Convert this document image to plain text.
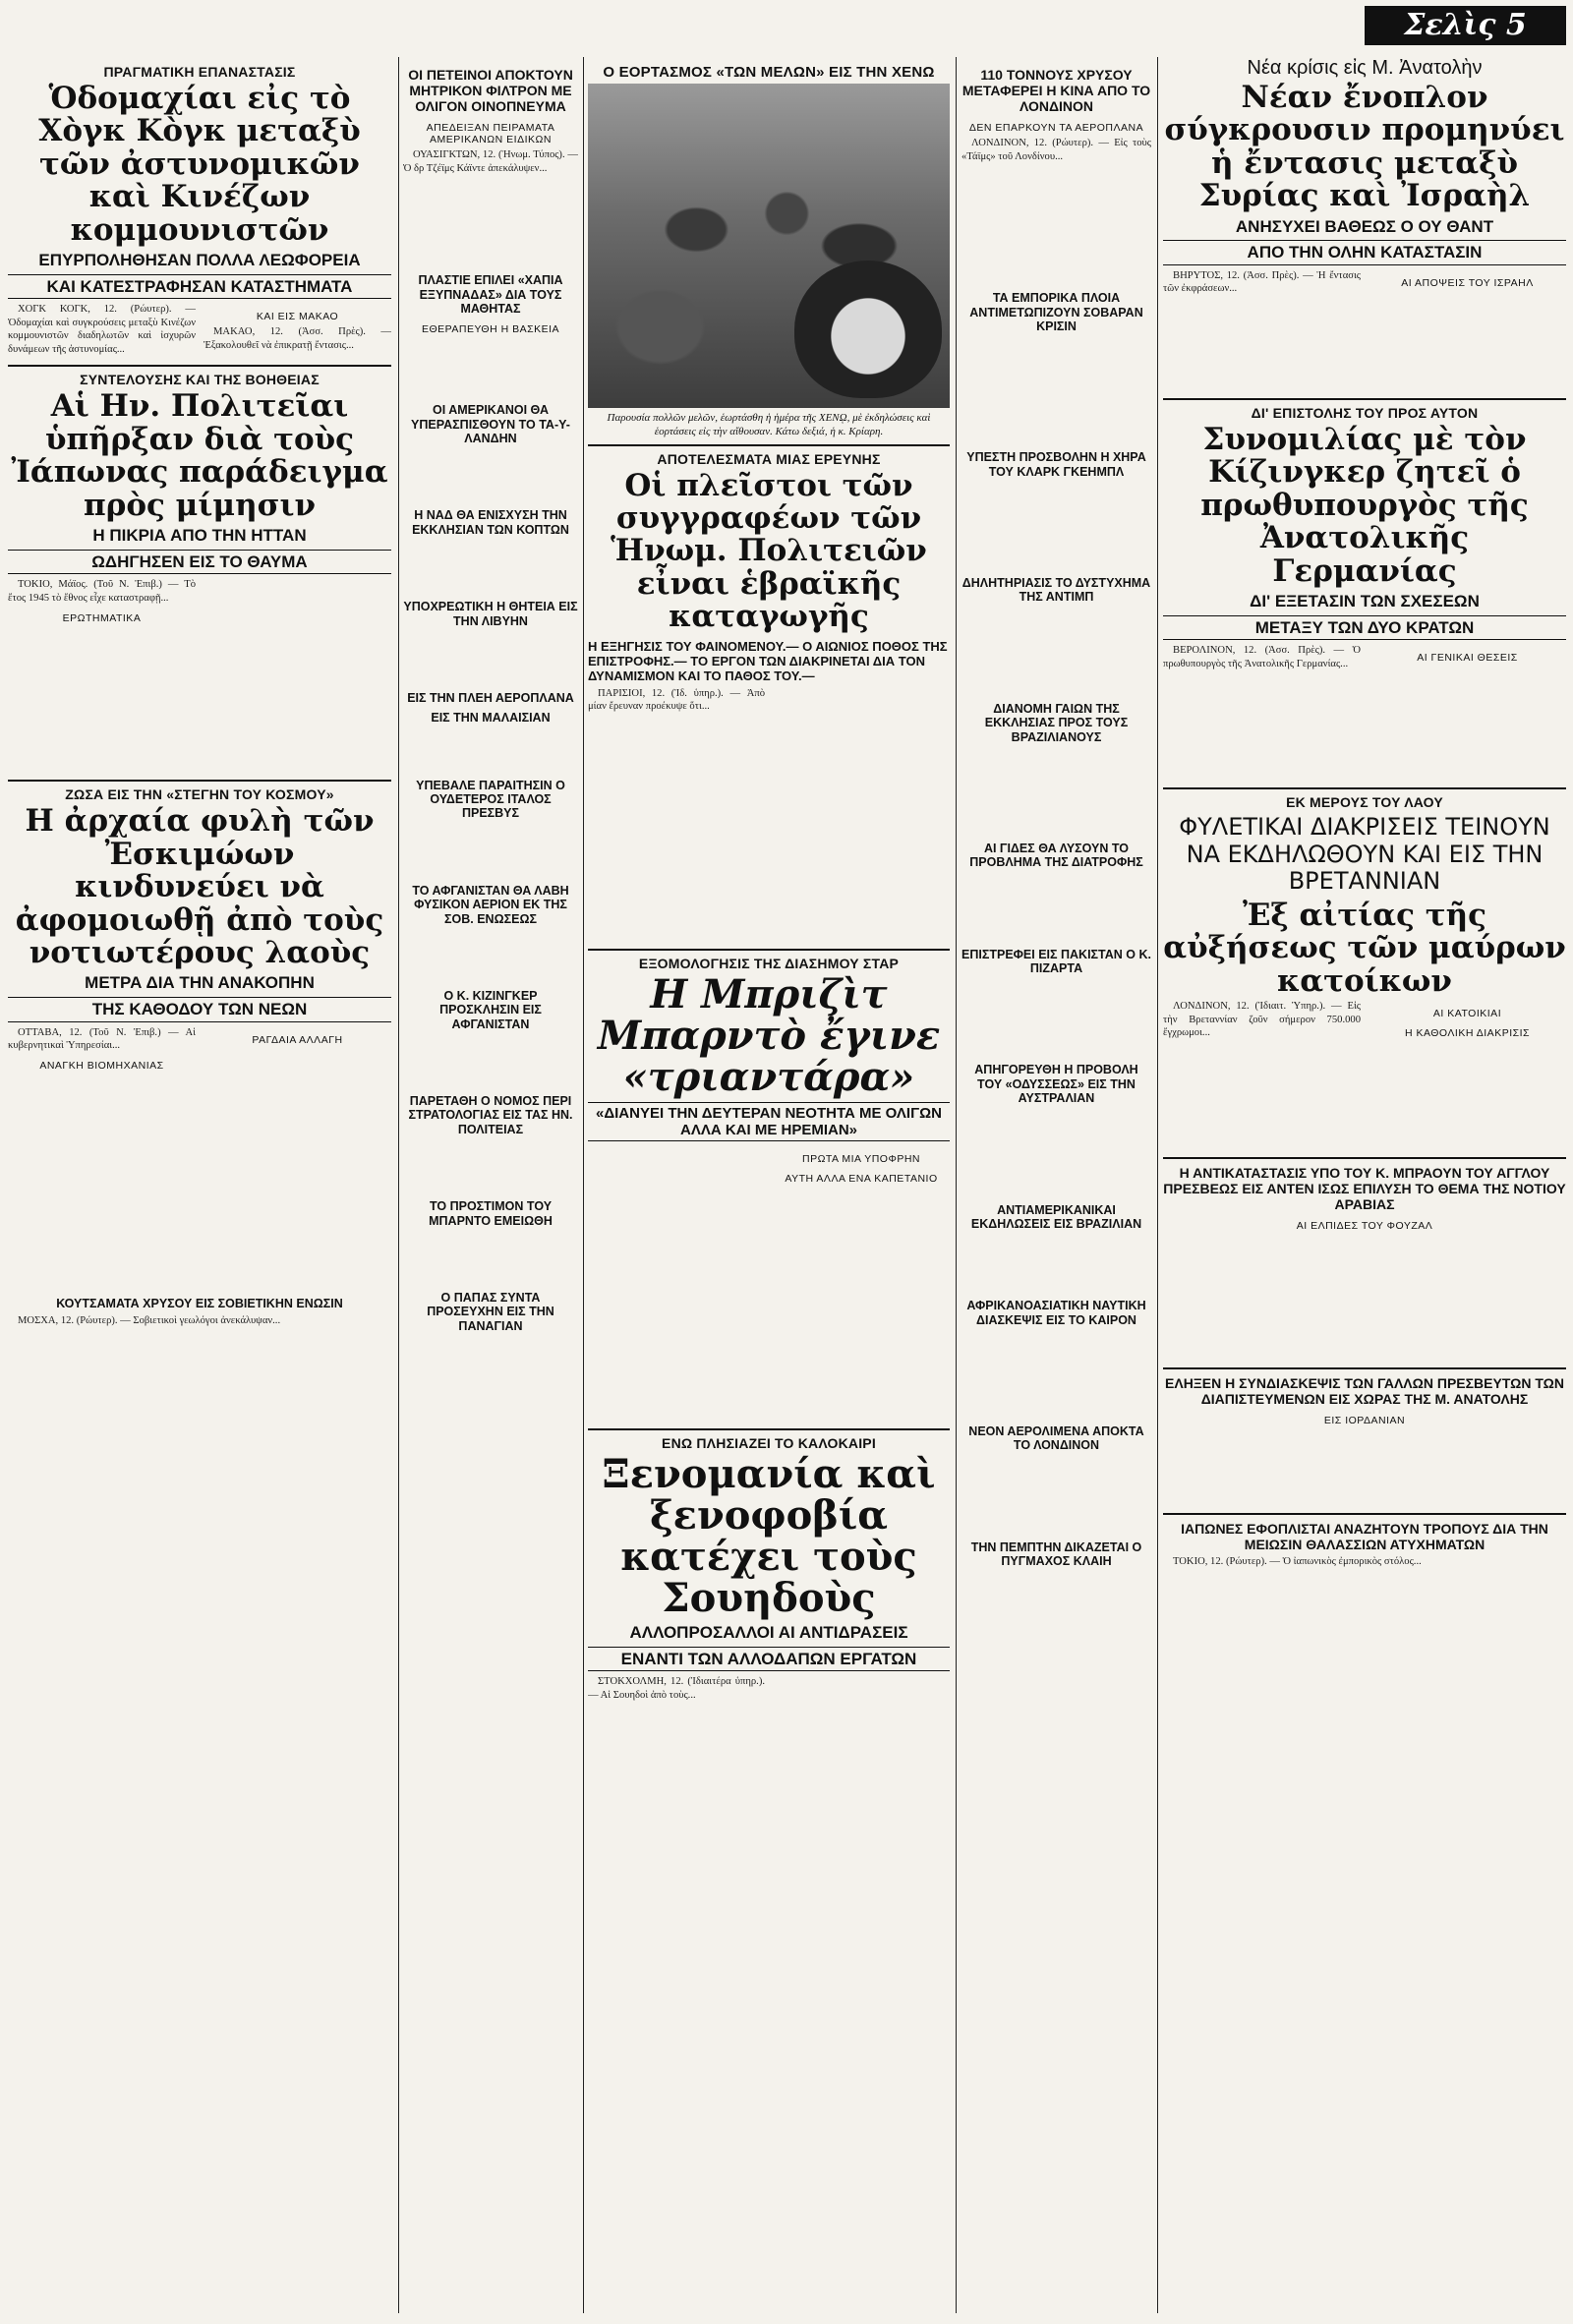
Σελὶς 5
ΠΡΑΓΜΑΤΙΚΗ ΕΠΑΝΑΣΤΑΣΙΣ
Ὁδομαχίαι εἰς τὸ Χὸγκ Κὸγκ μεταξὺ τῶν ἀστυνομικῶν καὶ Κινέζων κομμουνιστῶν
ΕΠΥΡΠΟΛΗΘΗΣΑΝ ΠΟΛΛΑ ΛΕΩΦΟΡΕΙΑ
ΚΑΙ ΚΑΤΕΣΤΡΑΦΗΣΑΝ ΚΑΤΑΣΤΗΜΑΤΑ

ΧΟΓΚ ΚΟΓΚ, 12. (Ρώυτερ). — Ὁδομαχίαι καὶ συγκρούσεις μεταξὺ Κινέζων κομμουνιστῶν διαδηλωτῶν καὶ ἰσχυρῶν δυνάμεων τῆς ἀστυνομίας...

ΚΑΙ ΕΙΣ ΜΑΚΑΟ

ΜΑΚΑΟ, 12. (Ἀσσ. Πρὲς). — Ἐξακολουθεῖ νὰ ἐπικρατῇ ἔντασις...

ΣΥΝΤΕΛΟΥΣΗΣ ΚΑΙ ΤΗΣ ΒΟΗΘΕΙΑΣ
Αἱ Ην. Πολιτεῖαι ὑπῆρξαν διὰ τοὺς Ἰάπωνας παράδειγμα πρὸς μίμησιν
Η ΠΙΚΡΙΑ ΑΠΟ ΤΗΝ ΗΤΤΑΝ
ΩΔΗΓΗΣΕΝ ΕΙΣ ΤΟ ΘΑΥΜΑ

ΤΟΚΙΟ, Μάϊος. (Τοῦ Ν. Ἐπιβ.) — Τὸ ἔτος 1945 τὸ ἔθνος εἶχε καταστραφῇ...

ΕΡΩΤΗΜΑΤΙΚΑ

ΖΩΣΑ ΕΙΣ ΤΗΝ «ΣΤΕΓΗΝ ΤΟΥ ΚΟΣΜΟΥ»
Η ἀρχαία φυλὴ τῶν Ἐσκιμώων κινδυνεύει νὰ ἀφομοιωθῇ ἀπὸ τοὺς νοτιωτέρους λαοὺς
ΜΕΤΡΑ ΔΙΑ ΤΗΝ ΑΝΑΚΟΠΗΝ
ΤΗΣ ΚΑΘΟΔΟΥ ΤΩΝ ΝΕΩΝ

ΟΤΤΑΒΑ, 12. (Τοῦ Ν. Ἐπιβ.) — Αἱ κυβερνητικαὶ Ὑπηρεσίαι...

ΑΝΑΓΚΗ ΒΙΟΜΗΧΑΝΙΑΣ
ΡΑΓΔΑΙΑ ΑΛΛΑΓΗ
ΚΟΥΤΣΑΜΑΤΑ ΧΡΥΣΟΥ ΕΙΣ ΣΟΒΙΕΤΙΚΗΝ ΕΝΩΣΙΝ

ΜΟΣΧΑ, 12. (Ρώυτερ). — Σοβιετικοὶ γεωλόγοι ἀνεκάλυψαν...

ΟΙ ΠΕΤΕΙΝΟΙ ΑΠΟΚΤΟΥΝ ΜΗΤΡΙΚΟΝ ΦΙΛΤΡΟΝ ΜΕ ΟΛΙΓΟΝ ΟΙΝΟΠΝΕΥΜΑ
ΑΠΕΔΕΙΞΑΝ ΠΕΙΡΑΜΑΤΑ ΑΜΕΡΙΚΑΝΩΝ ΕΙΔΙΚΩΝ

ΟΥΑΣΙΓΚΤΩΝ, 12. (Ἡνωμ. Τύπος). — Ὁ δρ Τζέϊμς Κάϊντε ἀπεκάλυψεν...

ΠΛΑΣΤΙΕ ΕΠΙΛΕΙ «ΧΑΠΙΑ ΕΞΥΠΝΑΔΑΣ» ΔΙΑ ΤΟΥΣ ΜΑΘΗΤΑΣ
ΕΘΕΡΑΠΕΥΘΗ Η ΒΑΣΚΕΙΑ
ΟΙ ΑΜΕΡΙΚΑΝΟΙ ΘΑ ΥΠΕΡΑΣΠΙΣΘΟΥΝ ΤΟ ΤΑ-Υ-ΛΑΝΔΗΝ
Η ΝΑΔ ΘΑ ΕΝΙΣΧΥΣΗ ΤΗΝ ΕΚΚΛΗΣΙΑΝ ΤΩΝ ΚΟΠΤΩΝ
ΥΠΟΧΡΕΩΤΙΚΗ Η ΘΗΤΕΙΑ ΕΙΣ ΤΗΝ ΛΙΒΥΗΝ
ΕΙΣ ΤΗΝ ΠΛΕΗ ΑΕΡΟΠΛΑΝΑ
ΕΙΣ ΤΗΝ ΜΑΛΑΙΣΙΑΝ
ΥΠΕΒΑΛΕ ΠΑΡΑΙΤΗΣΙΝ Ο ΟΥΔΕΤΕΡΟΣ ΙΤΑΛΟΣ ΠΡΕΣΒΥΣ
ΤΟ ΑΦΓΑΝΙΣΤΑΝ ΘΑ ΛΑΒΗ ΦΥΣΙΚΟΝ ΑΕΡΙΟΝ ΕΚ ΤΗΣ ΣΟΒ. ΕΝΩΣΕΩΣ
Ο Κ. ΚΙΖΙΝΓΚΕΡ ΠΡΟΣΚΛΗΣΙΝ ΕΙΣ ΑΦΓΑΝΙΣΤΑΝ
ΠΑΡΕΤΑΘΗ Ο ΝΟΜΟΣ ΠΕΡΙ ΣΤΡΑΤΟΛΟΓΙΑΣ ΕΙΣ ΤΑΣ ΗΝ. ΠΟΛΙΤΕΙΑΣ
ΤΟ ΠΡΟΣΤΙΜΟΝ ΤΟΥ ΜΠΑΡΝΤΟ ΕΜΕΙΩΘΗ
Ο ΠΑΠΑΣ ΣΥΝΤΑ ΠΡΟΣΕΥΧΗΝ ΕΙΣ ΤΗΝ ΠΑΝΑΓΙΑΝ
Ο ΕΟΡΤΑΣΜΟΣ «ΤΩΝ ΜΕΛΩΝ» ΕΙΣ ΤΗΝ ΧΕΝΩ
Παρουσία πολλῶν μελῶν, ἑωρτάσθη ἡ ἡμέρα τῆς ΧΕΝῼ, μὲ ἐκδηλώσεις καὶ ἑορτάσεις εἰς τὴν αἴθουσαν. Κάτω δεξιά, ἡ κ. Κρίαρη.
ΑΠΟΤΕΛΕΣΜΑΤΑ ΜΙΑΣ ΕΡΕΥΝΗΣ
Οἱ πλεῖστοι τῶν συγγραφέων τῶν Ἡνωμ. Πολιτειῶν εἶναι ἑβραϊκῆς καταγωγῆς
Η ΕΞΗΓΗΣΙΣ ΤΟΥ ΦΑΙΝΟΜΕΝΟΥ.— Ο ΑΙΩΝΙΟΣ ΠΟΘΟΣ ΤΗΣ ΕΠΙΣΤΡΟΦΗΣ.— ΤΟ ΕΡΓΟΝ ΤΩΝ ΔΙΑΚΡΙΝΕΤΑΙ ΔΙΑ ΤΟΝ ΔΥΝΑΜΙΣΜΟΝ ΚΑΙ ΤΟ ΠΑΘΟΣ ΤΟΥ.—

ΠΑΡΙΣΙΟΙ, 12. (Ἰδ. ὑπηρ.). — Ἀπὸ μίαν ἔρευναν προέκυψε ὅτι...

ΕΞΟΜΟΛΟΓΗΣΙΣ ΤΗΣ ΔΙΑΣΗΜΟΥ ΣΤΑΡ
Η Μπριζὶτ Μπαρντὸ ἔγινε «τριαντάρα»
«ΔΙΑΝΥΕΙ ΤΗΝ ΔΕΥΤΕΡΑΝ ΝΕΟΤΗΤΑ ΜΕ ΟΛΙΓΩΝ ΑΛΛΑ ΚΑΙ ΜΕ ΗΡΕΜΙΑΝ»

ΠΡΩΤΑ ΜΙΑ ΥΠΟΦΡΗΝ
ΑΥΤΗ ΑΛΛΑ ΕΝΑ ΚΑΠΕΤΑΝΙΟ
ΕΝΩ ΠΛΗΣΙΑΖΕΙ ΤΟ ΚΑΛΟΚΑΙΡΙ
Ξενομανία καὶ ξενοφοβία κατέχει τοὺς Σουηδοὺς
ΑΛΛΟΠΡΟΣΑΛΛΟΙ ΑΙ ΑΝΤΙΔΡΑΣΕΙΣ
ΕΝΑΝΤΙ ΤΩΝ ΑΛΛΟΔΑΠΩΝ ΕΡΓΑΤΩΝ

ΣΤΟΚΧΟΛΜΗ, 12. (Ἰδιαιτέρα ὑπηρ.). — Αἱ Σουηδοὶ ἀπὸ τοὺς...

110 ΤΟΝΝΟΥΣ ΧΡΥΣΟΥ ΜΕΤΑΦΕΡΕΙ Η ΚΙΝΑ ΑΠΟ ΤΟ ΛΟΝΔΙΝΟΝ
ΔΕΝ ΕΠΑΡΚΟΥΝ ΤΑ ΑΕΡΟΠΛΑΝΑ

ΛΟΝΔΙΝΟΝ, 12. (Ρώυτερ). — Εἰς τοὺς «Τάϊμς» τοῦ Λονδίνου...

ΤΑ ΕΜΠΟΡΙΚΑ ΠΛΟΙΑ ΑΝΤΙΜΕΤΩΠΙΖΟΥΝ ΣΟΒΑΡΑΝ ΚΡΙΣΙΝ
ΥΠΕΣΤΗ ΠΡΟΣΒΟΛΗΝ Η ΧΗΡΑ ΤΟΥ ΚΛΑΡΚ ΓΚΕΗΜΠΛ
ΔΗΛΗΤΗΡΙΑΣΙΣ ΤΟ ΔΥΣΤΥΧΗΜΑ ΤΗΣ ΑΝΤΙΜΠ
ΔΙΑΝΟΜΗ ΓΑΙΩΝ ΤΗΣ ΕΚΚΛΗΣΙΑΣ ΠΡΟΣ ΤΟΥΣ ΒΡΑΖΙΛΙΑΝΟΥΣ
ΑΙ ΓΙΔΕΣ ΘΑ ΛΥΣΟΥΝ ΤΟ ΠΡΟΒΛΗΜΑ ΤΗΣ ΔΙΑΤΡΟΦΗΣ
ΕΠΙΣΤΡΕΦΕΙ ΕΙΣ ΠΑΚΙΣΤΑΝ Ο Κ. ΠΙΖΑΡΤΑ
ΑΠΗΓΟΡΕΥΘΗ Η ΠΡΟΒΟΛΗ ΤΟΥ «ΟΔΥΣΣΕΩΣ» ΕΙΣ ΤΗΝ ΑΥΣΤΡΑΛΙΑΝ
ΑΝΤΙΑΜΕΡΙΚΑΝΙΚΑΙ ΕΚΔΗΛΩΣΕΙΣ ΕΙΣ ΒΡΑΖΙΛΙΑΝ
ΑΦΡΙΚΑΝΟΑΣΙΑΤΙΚΗ ΝΑΥΤΙΚΗ ΔΙΑΣΚΕΨΙΣ ΕΙΣ ΤΟ ΚΑΙΡΟΝ
ΝΕΟΝ ΑΕΡΟΛΙΜΕΝΑ ΑΠΟΚΤΑ ΤΟ ΛΟΝΔΙΝΟΝ
ΤΗΝ ΠΕΜΠΤΗΝ ΔΙΚΑΖΕΤΑΙ Ο ΠΥΓΜΑΧΟΣ ΚΛΑΙΗ
Νέα κρίσις εἰς Μ. Ἀνατολὴν
Νέαν ἔνοπλον σύγκρουσιν προμηνύει ἡ ἔντασις μεταξὺ Συρίας καὶ Ἰσραὴλ
ΑΝΗΣΥΧΕΙ ΒΑΘΕΩΣ Ο ΟΥ ΘΑΝΤ
ΑΠΟ ΤΗΝ ΟΛΗΝ ΚΑΤΑΣΤΑΣΙΝ

ΒΗΡΥΤΟΣ, 12. (Ἀσσ. Πρὲς). — Ἡ ἔντασις τῶν ἐκφράσεων...	ΑΙ ΑΠΟΨΕΙΣ ΤΟΥ ΙΣΡΑΗΛ
ΔΙ' ΕΠΙΣΤΟΛΗΣ ΤΟΥ ΠΡΟΣ ΑΥΤΟΝ
Συνομιλίας μὲ τὸν Κίζινγκερ ζητεῖ ὁ πρωθυπουργὸς τῆς Ἀνατολικῆς Γερμανίας
ΔΙ' ΕΞΕΤΑΣΙΝ ΤΩΝ ΣΧΕΣΕΩΝ
ΜΕΤΑΞΥ ΤΩΝ ΔΥΟ ΚΡΑΤΩΝ

ΒΕΡΟΛΙΝΟΝ, 12. (Ἀσσ. Πρὲς). — Ὁ πρωθυπουργὸς τῆς Ἀνατολικῆς Γερμανίας...	ΑΙ ΓΕΝΙΚΑΙ ΘΕΣΕΙΣ
ΕΚ ΜΕΡΟΥΣ ΤΟΥ ΛΑΟΥ
ΦΥΛΕΤΙΚΑΙ ΔΙΑΚΡΙΣΕΙΣ ΤΕΙΝΟΥΝ ΝΑ ΕΚΔΗΛΩΘΟΥΝ ΚΑΙ ΕΙΣ ΤΗΝ ΒΡΕΤΑΝΝΙΑΝ
Ἐξ αἰτίας τῆς αὐξήσεως τῶν μαύρων κατοίκων

ΛΟΝΔΙΝΟΝ, 12. (Ἰδιαιτ. Ὑπηρ.). — Εἰς τὴν Βρεταννίαν ζοῦν σήμερον 750.000 ἔγχρωμοι...

ΑΙ ΚΑΤΟΙΚΙΑΙ
Η ΚΑΘΟΛΙΚΗ ΔΙΑΚΡΙΣΙΣ
Η ΑΝΤΙΚΑΤΑΣΤΑΣΙΣ ΥΠΟ ΤΟΥ Κ. ΜΠΡΑΟΥΝ ΤΟΥ ΑΓΓΛΟΥ ΠΡΕΣΒΕΩΣ ΕΙΣ ΑΝΤΕΝ ΙΣΩΣ ΕΠΙΛΥΣΗ ΤΟ ΘΕΜΑ ΤΗΣ ΝΟΤΙΟΥ ΑΡΑΒΙΑΣ
ΑΙ ΕΛΠΙΔΕΣ ΤΟΥ ΦΟΥΖΑΛ
ΕΛΗΞΕΝ Η ΣΥΝΔΙΑΣΚΕΨΙΣ ΤΩΝ ΓΑΛΛΩΝ ΠΡΕΣΒΕΥΤΩΝ ΤΩΝ ΔΙΑΠΙΣΤΕΥΜΕΝΩΝ ΕΙΣ ΧΩΡΑΣ ΤΗΣ Μ. ΑΝΑΤΟΛΗΣ
ΕΙΣ ΙΟΡΔΑΝΙΑΝ
ΙΑΠΩΝΕΣ ΕΦΟΠΛΙΣΤΑΙ ΑΝΑΖΗΤΟΥΝ ΤΡΟΠΟΥΣ ΔΙΑ ΤΗΝ ΜΕΙΩΣΙΝ ΘΑΛΑΣΣΙΩΝ ΑΤΥΧΗΜΑΤΩΝ

ΤΟΚΙΟ, 12. (Ρώυτερ). — Ὁ ἰαπωνικὸς ἐμπορικὸς στόλος...
